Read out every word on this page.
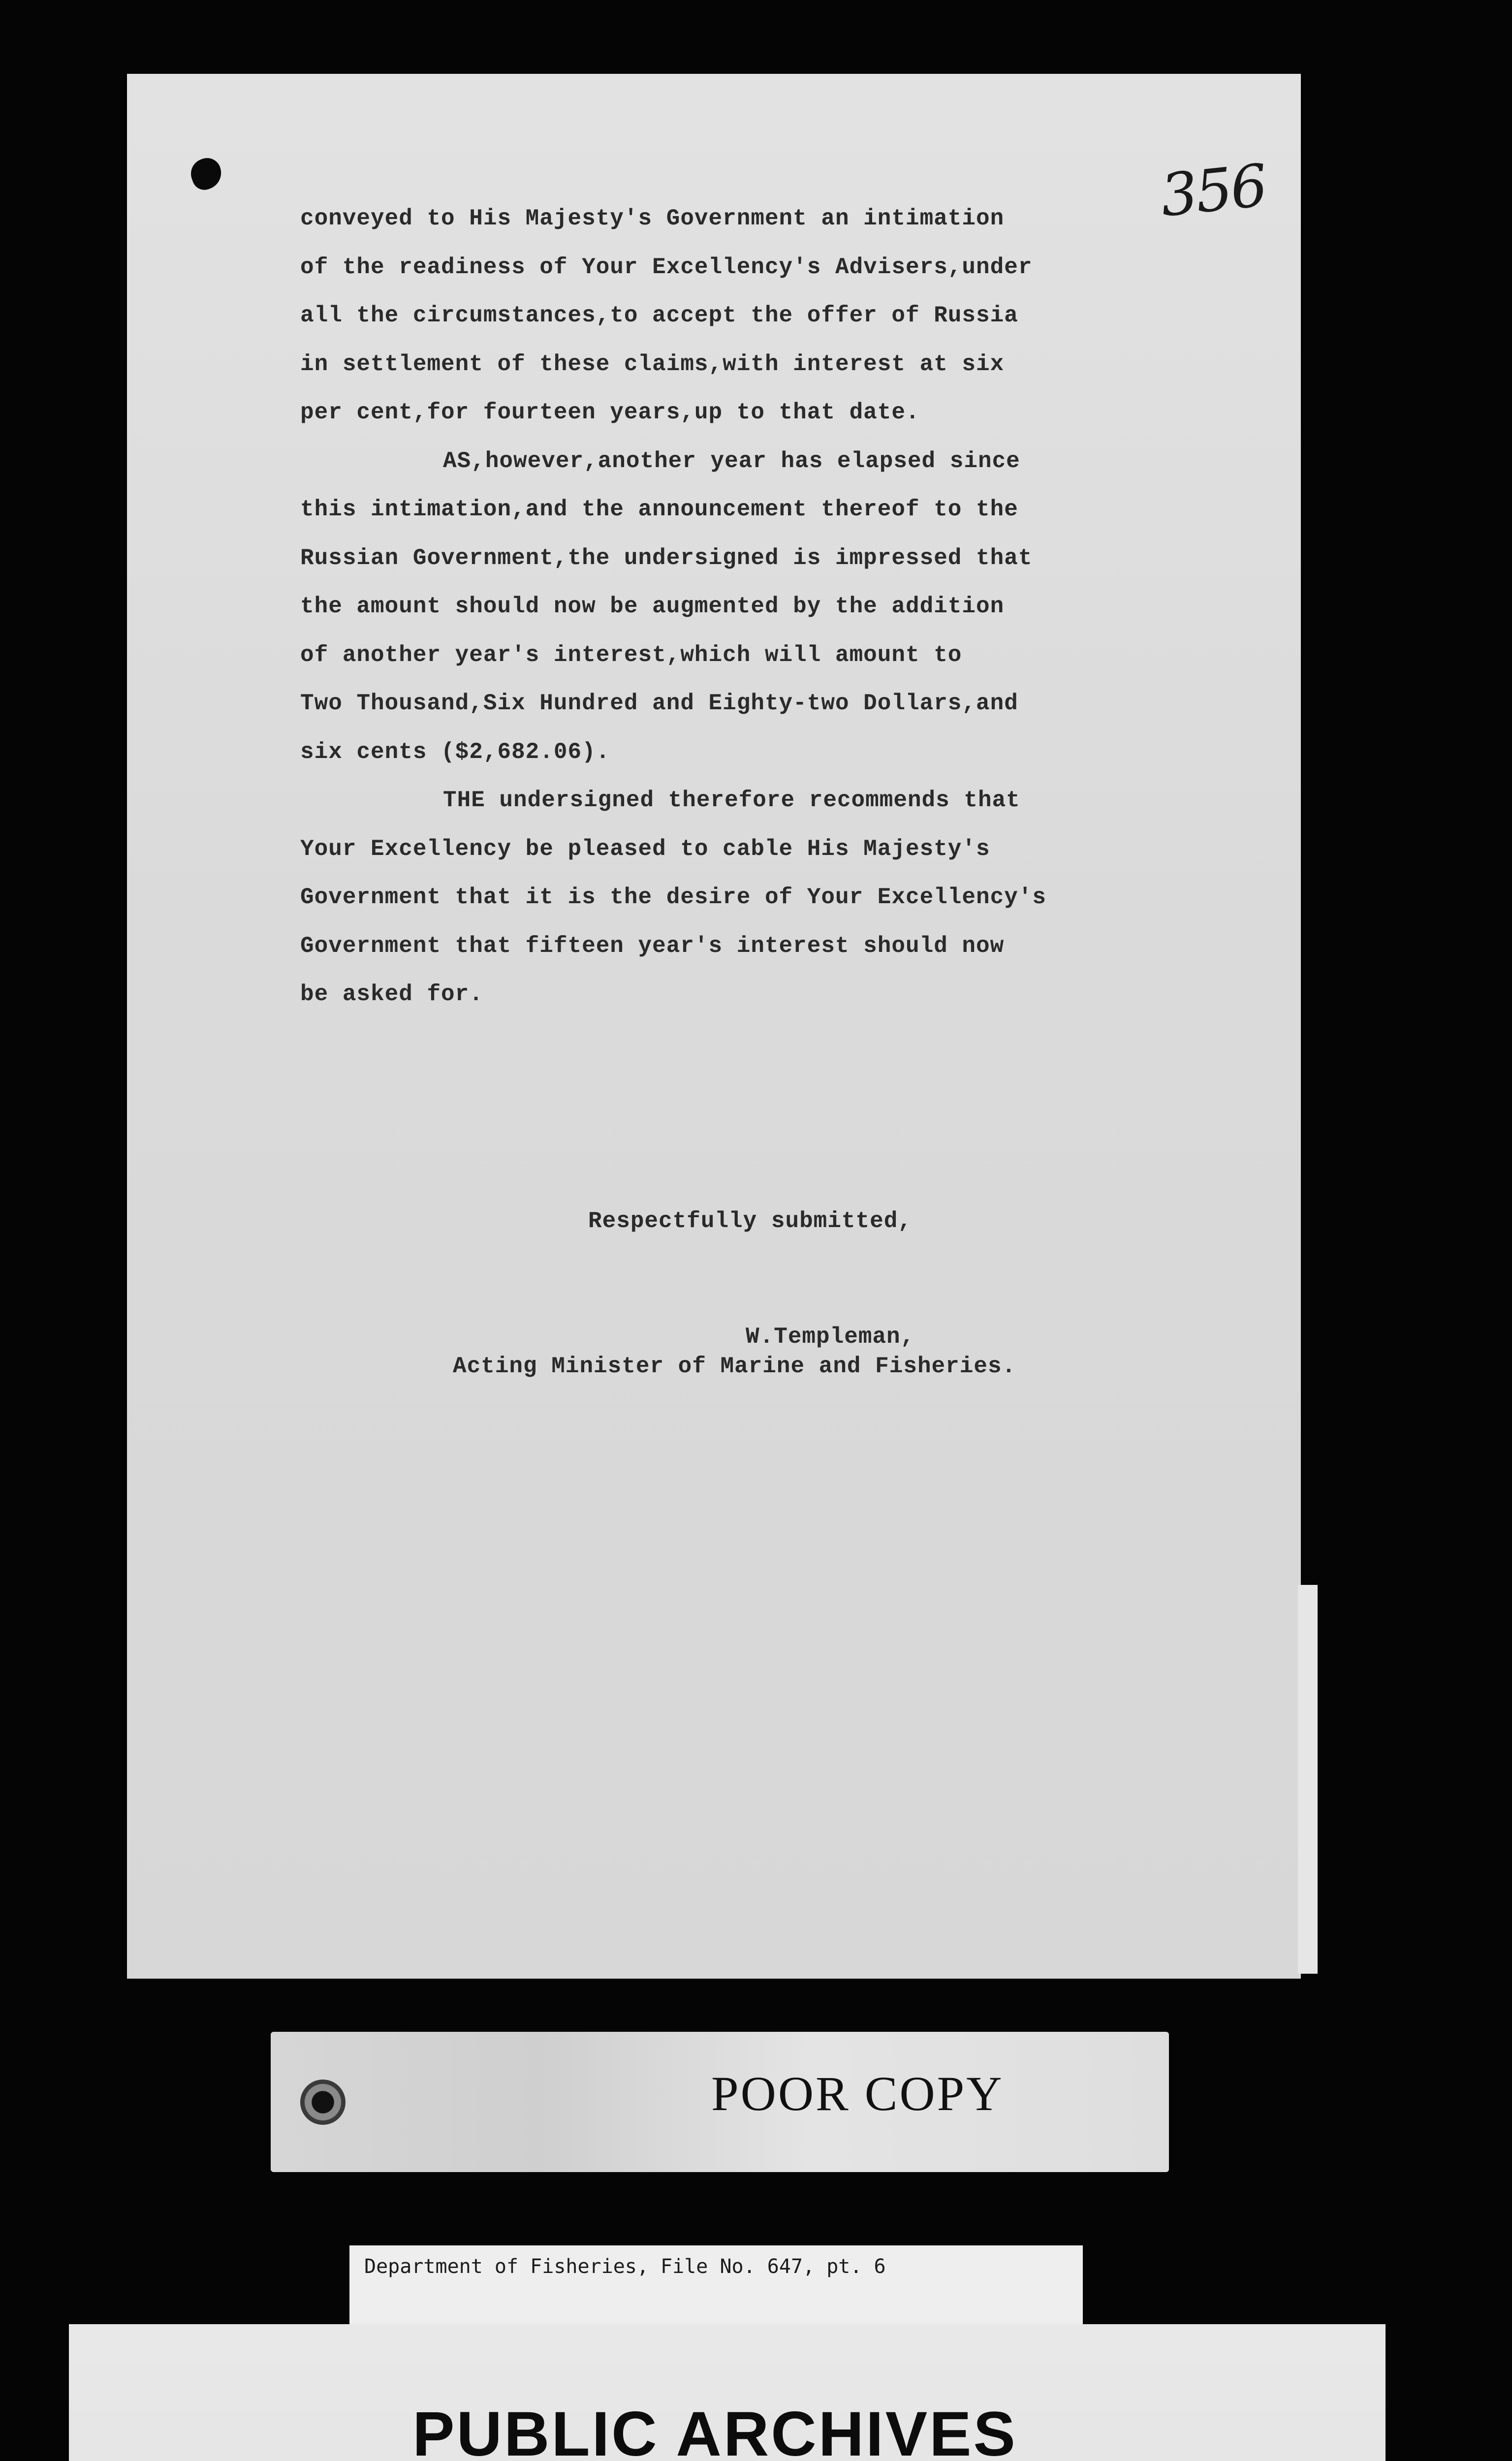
356
conveyed to His Majesty's Government an intimation
of the readiness of Your Excellency's Advisers,under
all the circumstances,to accept the offer of Russia
in settlement of these claims,with interest at six
per cent,for fourteen years,up to that date.
AS,however,another year has elapsed since
this intimation,and the announcement thereof to the
Russian Government,the undersigned is impressed that
the amount should now be augmented by the addition
of another year's interest,which will amount to
Two Thousand,Six Hundred and Eighty-two Dollars,and
six cents ($2,682.06).
THE undersigned therefore recommends that
Your Excellency be pleased to cable His Majesty's
Government that it is the desire of Your Excellency's
Government that fifteen year's interest should now
be asked for.
Respectfully submitted,
W.Templeman,
Acting Minister of Marine and Fisheries.
POOR COPY
Department of Fisheries, File No. 647, pt. 6
PUBLIC ARCHIVES
